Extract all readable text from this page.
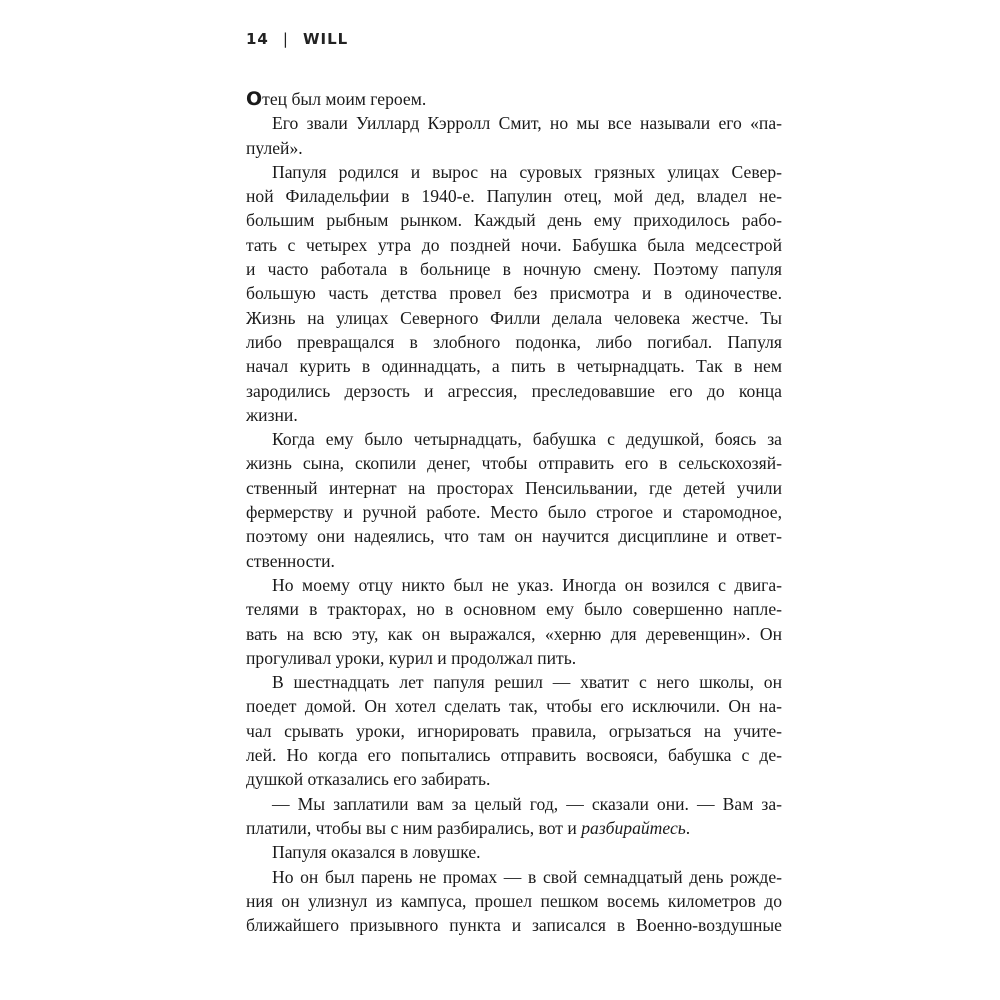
14 | WILL
Отец был моим героем.
Его звали Уиллард Кэрролл Смит, но мы все называли его «па-
пулей».
Папуля родился и вырос на суровых грязных улицах Север-
ной Филадельфии в 1940-е. Папулин отец, мой дед, владел не-
большим рыбным рынком. Каждый день ему приходилось рабо-
тать с четырех утра до поздней ночи. Бабушка была медсестрой
и часто работала в больнице в ночную смену. Поэтому папуля
большую часть детства провел без присмотра и в одиночестве.
Жизнь на улицах Северного Филли делала человека жестче. Ты
либо превращался в злобного подонка, либо погибал. Папуля
начал курить в одиннадцать, а пить в четырнадцать. Так в нем
зародились дерзость и агрессия, преследовавшие его до конца
жизни.
Когда ему было четырнадцать, бабушка с дедушкой, боясь за
жизнь сына, скопили денег, чтобы отправить его в сельскохозяй-
ственный интернат на просторах Пенсильвании, где детей учили
фермерству и ручной работе. Место было строгое и старомодное,
поэтому они надеялись, что там он научится дисциплине и ответ-
ственности.
Но моему отцу никто был не указ. Иногда он возился с двига-
телями в тракторах, но в основном ему было совершенно напле-
вать на всю эту, как он выражался, «херню для деревенщин». Он
прогуливал уроки, курил и продолжал пить.
В шестнадцать лет папуля решил — хватит с него школы, он
поедет домой. Он хотел сделать так, чтобы его исключили. Он на-
чал срывать уроки, игнорировать правила, огрызаться на учите-
лей. Но когда его попытались отправить восвояси, бабушка с де-
душкой отказались его забирать.
— Мы заплатили вам за целый год, — сказали они. — Вам за-
платили, чтобы вы с ним разбирались, вот и разбирайтесь.
Папуля оказался в ловушке.
Но он был парень не промах — в свой семнадцатый день рожде-
ния он улизнул из кампуса, прошел пешком восемь километров до
ближайшего призывного пункта и записался в Военно-воздушные
